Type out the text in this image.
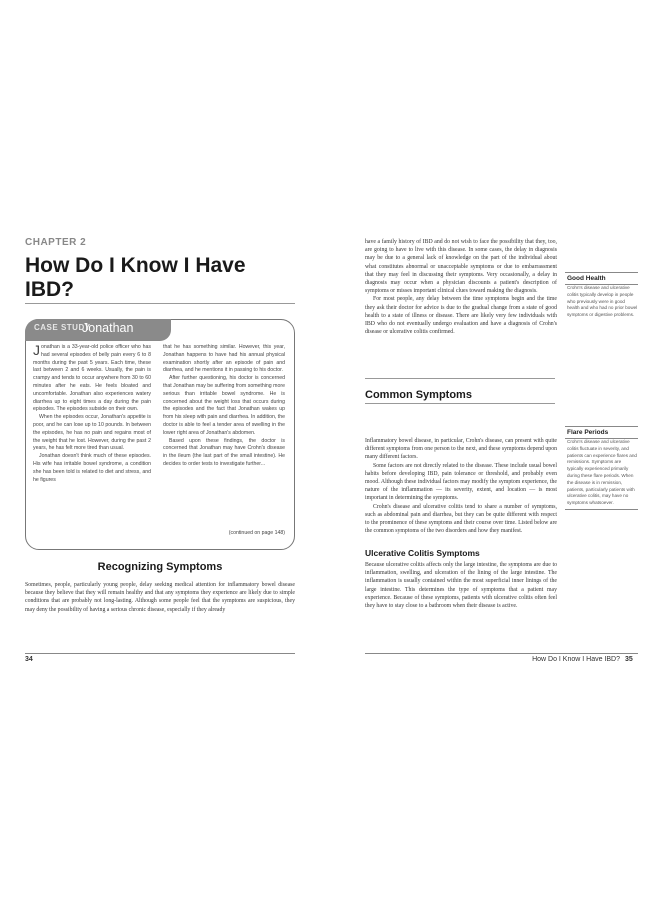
CHAPTER 2
How Do I Know I Have IBD?
CASE STUDY
Jonathan

Jonathan is a 33-year-old police officer who has had several episodes of belly pain every 6 to 8 months during the past 5 years. Each time, these last between 2 and 6 weeks. Usually, the pain is crampy and tends to occur anywhere from 30 to 60 minutes after he eats. He feels bloated and uncomfortable. Jonathan also experiences watery diarrhea up to eight times a day during the pain episodes. The episodes subside on their own.

When the episodes occur, Jonathan's appetite is poor, and he can lose up to 10 pounds. In between the episodes, he has no pain and regains most of the weight that he lost. However, during the past 2 years, he has felt more tired than usual.

Jonathan doesn't think much of these episodes. His wife has irritable bowel syndrome, a condition she has been told is related to diet and stress, and he figures

that he has something similar. However, this year, Jonathan happens to have had his annual physical examination shortly after an episode of pain and diarrhea, and he mentions it in passing to his doctor.

After further questioning, his doctor is concerned that Jonathan may be suffering from something more serious than irritable bowel syndrome. He is concerned about the weight loss that occurs during the episodes and the fact that Jonathan wakes up from his sleep with pain and diarrhea. In addition, the doctor is able to feel a tender area of swelling in the lower right area of Jonathan's abdomen.

Based upon these findings, the doctor is concerned that Jonathan may have Crohn's disease in the ileum (the last part of the small intestine). He decides to order tests to investigate further...

(continued on page 148)
Recognizing Symptoms

Sometimes, people, particularly young people, delay seeking medical attention for inflammatory bowel disease because they believe that they will remain healthy and that any symptoms they experience are likely due to simple conditions that are probably not long-lasting. Although some people feel that the symptoms are suspicious, they may deny the possibility of having a serious chronic disease, especially if they already

34

have a family history of IBD and do not wish to face the possibility that they, too, are going to have to live with this disease. In some cases, the delay in diagnosis may be due to a general lack of knowledge on the part of the individual about what constitutes abnormal or unacceptable symptoms or due to embarrassment that they may feel in discussing their symptoms. Very occasionally, a delay in diagnosis may occur when a physician discounts a patient's description of symptoms or misses important clinical clues toward making the diagnosis.

For most people, any delay between the time symptoms begin and the time they ask their doctor for advice is due to the gradual change from a state of good health to a state of illness or disease. There are likely very few individuals with IBD who do not eventually undergo evaluation and have a diagnosis of Crohn's disease or ulcerative colitis confirmed.

Common Symptoms

Inflammatory bowel disease, in particular, Crohn's disease, can present with quite different symptoms from one person to the next, and these symptoms depend upon many different factors.

Some factors are not directly related to the disease. These include usual bowel habits before developing IBD, pain tolerance or threshold, and probably even mood. Although these individual factors may modify the symptom experience, the nature of the inflammation — its severity, extent, and location — is most important in determining the symptoms.

Crohn's disease and ulcerative colitis tend to share a number of symptoms, such as abdominal pain and diarrhea, but they can be quite different with respect to the prominence of these symptoms and their course over time. Listed below are the common symptoms of the two disorders and how they manifest.

Ulcerative Colitis Symptoms

Because ulcerative colitis affects only the large intestine, the symptoms are due to inflammation, swelling, and ulceration of the lining of the large intestine. The inflammation is usually contained within the most superficial inner linings of the large intestine. This determines the type of symptoms that a patient may experience. Because of these symptoms, patients with ulcerative colitis often feel they have to stay close to a bathroom when their disease is active.

Good Health
Crohn's disease and ulcerative colitis typically develop in people who previously were in good health and who had no prior bowel symptoms or digestive problems.
Flare Periods
Crohn's disease and ulcerative colitis fluctuate in severity, and patients can experience flares and remissions. Symptoms are typically experienced primarily during these flare periods. When the disease is in remission, patients, particularly patients with ulcerative colitis, may have no symptoms whatsoever.
How Do I Know I Have IBD? 35
